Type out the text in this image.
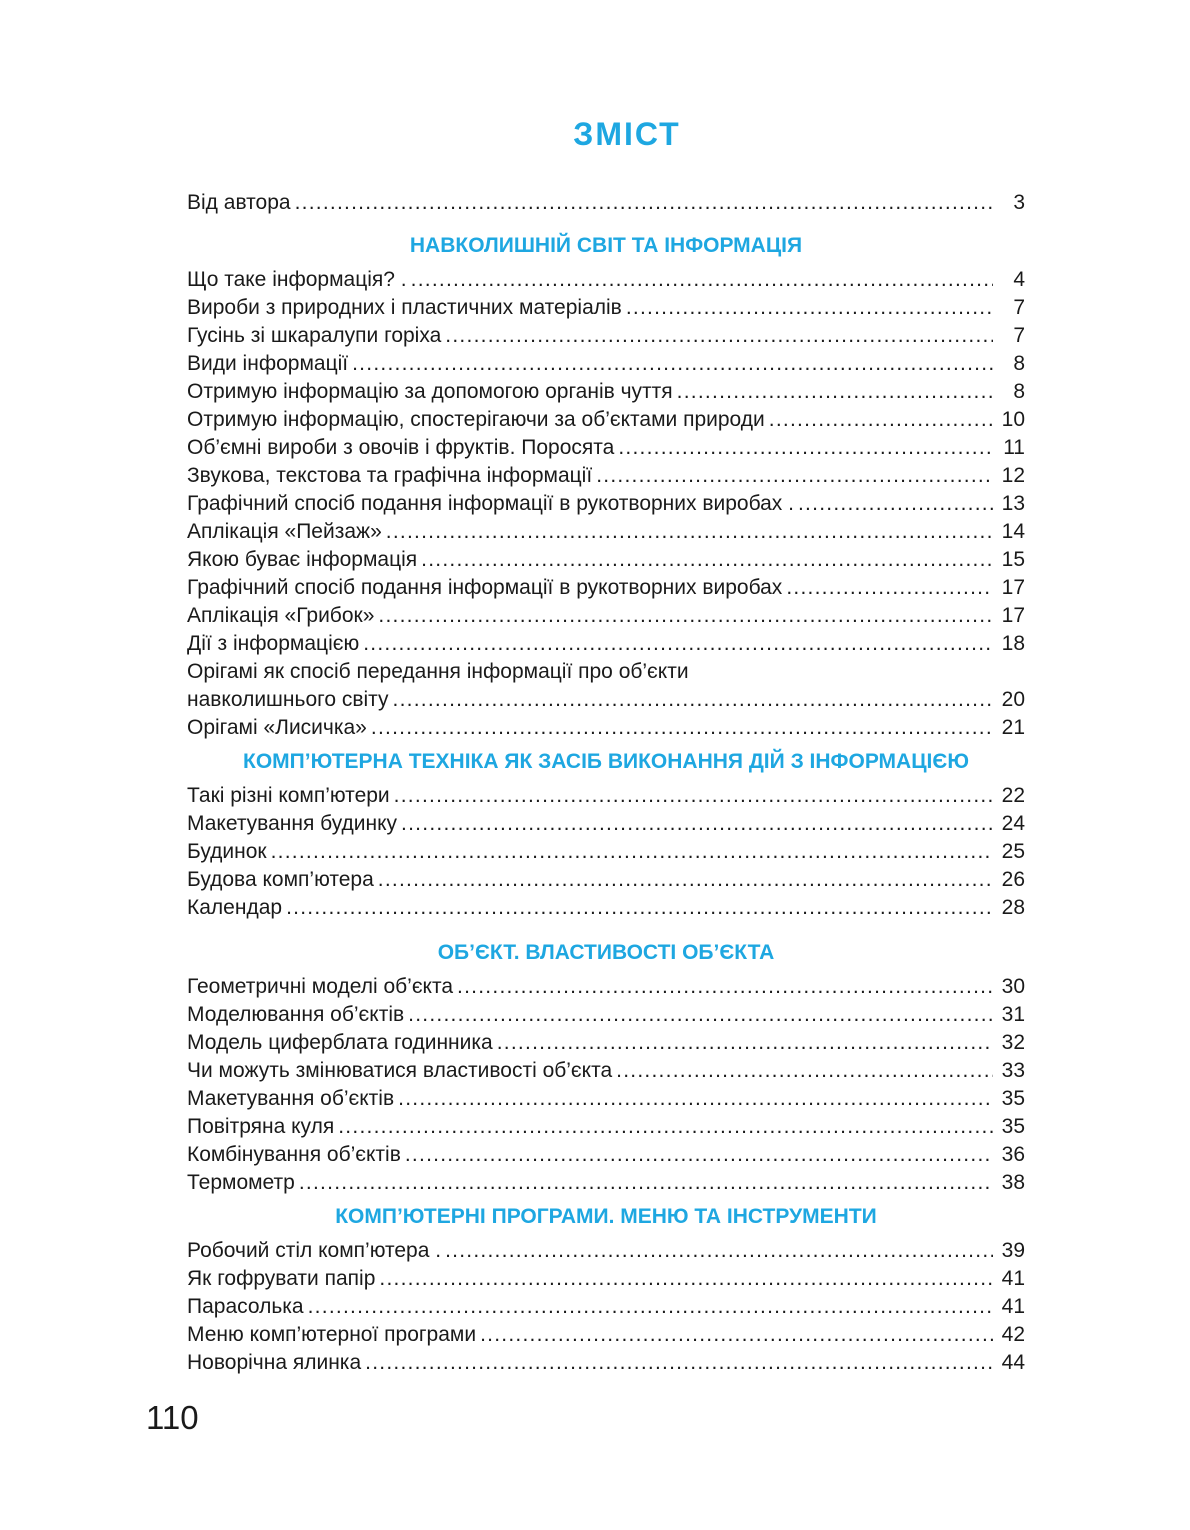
ЗМІСТ
Від автора . . .	3
НАВКОЛИШНІЙ СВІТ ТА ІНФОРМАЦІЯ
Що таке інформація? . . . .	4
Вироби з природних і пластичних матеріалів . . .	7
Гусінь зі шкаралупи горіха . . .	7
Види інформації . . .	8
Отримую інформацію за допомогою органів чуття . . .	8
Отримую інформацію, спостерігаючи за об’єктами природи . . .	10
Об’ємні вироби з овочів і фруктів. Поросята . . .	11
Звукова, текстова та графічна інформації . . .	12
Графічний спосіб подання інформації в рукотворних виробах . . . .	13
Аплікація «Пейзаж» . . .	14
Якою буває інформація . . .	15
Графічний спосіб подання інформації в рукотворних виробах . . .	17
Аплікація «Грибок» . . .	17
Дії з інформацією . . .	18
Орігамі як спосіб передання інформації про об’єкти
навколишнього світу . . .	20
Орігамі «Лисичка» . . .	21
КОМП’ЮТЕРНА ТЕХНІКА ЯК ЗАСІБ ВИКОНАННЯ ДІЙ З ІНФОРМАЦІЄЮ
Такі різні комп’ютери . . .	22
Макетування будинку . . .	24
Будинок . . .	25
Будова комп’ютера . . .	26
Календар . . .	28
ОБ’ЄКТ. ВЛАСТИВОСТІ ОБ’ЄКТА
Геометричні моделі об’єкта . . .	30
Моделювання об’єктів . . .	31
Модель циферблата годинника . . .	32
Чи можуть змінюватися властивості об’єкта . . .	33
Макетування об’єктів . . .	35
Повітряна куля . . .	35
Комбінування об’єктів . . .	36
Термометр . . .	38
КОМП’ЮТЕРНІ ПРОГРАМИ. МЕНЮ ТА ІНСТРУМЕНТИ
Робочий стіл комп’ютера . . . .	39
Як гофрувати папір . . .	41
Парасолька . . .	41
Меню комп’ютерної програми . . .	42
Новорічна ялинка . . .	44
110
